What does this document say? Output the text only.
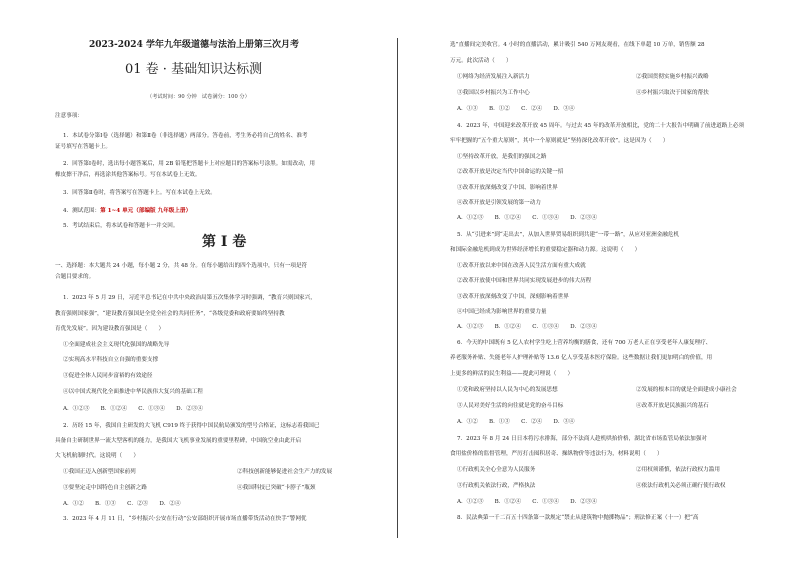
2023-2024 学年九年级道德与法治上册第三次月考
01 卷 · 基础知识达标测
（考试时间：90 分钟　试卷满分：100 分）
注意事项：
1．本试卷分第Ⅰ卷（选择题）和第Ⅱ卷（非选择题）两部分。答卷前，考生务必将自己的姓名、准考
证号填写在答题卡上。
2．回答第Ⅰ卷时，选出每小题答案后，用 2B 铅笔把答题卡上对应题目的答案标号涂黑。如需改动，用
橡皮擦干净后，再选涂其他答案标号。写在本试卷上无效。
3．回答第Ⅱ卷时，将答案写在答题卡上。写在本试卷上无效。
4．测试范围：第 1~4 单元（部编版 九年级上册）
5．考试结束后，将本试卷和答题卡一并交回。
第 I 卷
一、选择题：本大题共 24 小题，每小题 2 分，共 48 分。在每小题给出的四个选项中，只有一项是符
合题目要求的。
1．2023 年 5 月 29 日，习近平总书记在中共中央政治局第五次集体学习时强调，“教育兴则国家兴，
教育强则国家强”，“建设教育强国是全党全社会的共同任务”，“各级党委和政府要始终坚持教
育优先发展”。因为建设教育强国是（　　）
①全面建成社会主义现代化强国的战略先导
②实现高水平科技自立自强的重要支撑
③促进全体人民同步富裕的有效途径
④以中国式现代化全面推进中华民族伟大复兴的基础工程
A．①②③　　B．①②④　　C．①③④　　D．②③④
2．历经 15 年，我国自主研发的大飞机 C919 终于获得中国民航局颁发的型号合格证，这标志着我国已
具备自主研制世界一流大型客机的能力，是我国大飞机事业发展的重要里程碑，中国航空业由此开启
大飞机航制时代。这说明（　　）
①我国正迈入创新型国家前列	②科技创新能够促进社会生产力的发展
③要坚定走中国特色自主创新之路	④我国科技已突破“卡脖子”瓶颈
A．①②　　B．①③　　C．②③　　D．②④
3．2023 年 4 月 11 日，“乡村振兴·公安在行动”公安部组织开展市场直播带货活动在快手“警网优
选”直播间完美收官。4 小时的直播活动，累计吸引 540 万网友观看，在线下单超 10 万单，销售额 28
万元。此次活动（　　）
①网络为经济发展注入新活力	②我国贯彻实施乡村振兴战略
③我国以乡村振兴为工作中心	④乡村振兴取决于国家的帮扶
A．①③　　B．①②　　C．②④　　D．③④
4．2023 年，中国迎来改革开放 45 周年。与过去 45 年的改革开放相比，党的二十大报告中明确了前进道路上必须
牢牢把握的“五个重大原则”，其中一个原则就是“坚持深化改革开放”。这是因为（　　）
①坚持改革开放，是我们的强国之路
②改革开放是决定当代中国命运的关键一招
③改革开放深刻改变了中国、影响着世界
④改革开放是引领发展的第一动力
A．①②③　　B．①②④　　C．①③④　　D．②③④
5．从“引进来”到“走出去”，从加入世界贸易组织到共建“一带一路”，从应对亚洲金融危机
和国际金融危机到成为世界经济增长的重要稳定器和动力源。这说明（　　）
①改革开放以来中国在改善人民生活方面有重大成就
②改革开放使中国和世界共同实现发展进步的伟大历程
③改革开放深刻改变了中国，深刻影响着世界
④中国已经成为影响世界的重要力量
A．①②③　　B．①②④　　C．①③④　　D．②③④
6．今天的中国既有 5 亿人农村学生吃上营养均衡的膳食，还有 700 万老人正在享受老年人康复理疗、
养老服务补贴、失能老年人护理补贴等 13.6 亿人享受基本医疗保险。这些数据让我们更加明白的价值，用
上更多的鲜活的民生利益——提此可理说（　　）
①党和政府坚持以人民为中心的发展思想	②发展的根本目的就是全面建成小康社会
③人民对美好生活的向往就是党的奋斗目标	④改革开放是民族振兴的基石
A．①②　　B．①③　　C．②④　　D．③④
7．2023 年 8 月 24 日日本将污水排海，部分不法商人趁机哄抬价格，湖北省市场监管局依法加强对
食用盐价格的监督管理，严厉打击囤积居奇、操纵物价等违法行为，材料说明（　　）
①行政机关全心全意为人民服务	②用权须谨慎，依法行政权力滥用
③行政机关依法行政，严格执法	④依法行政机关必须正确行使行政权
A．①②③　　B．①②④　　C．①③④　　D．②③④
8．民法典第一千二百五十四条第一款规定“禁止从建筑物中抛掷物品”；刑法修正案（十一）把“高
